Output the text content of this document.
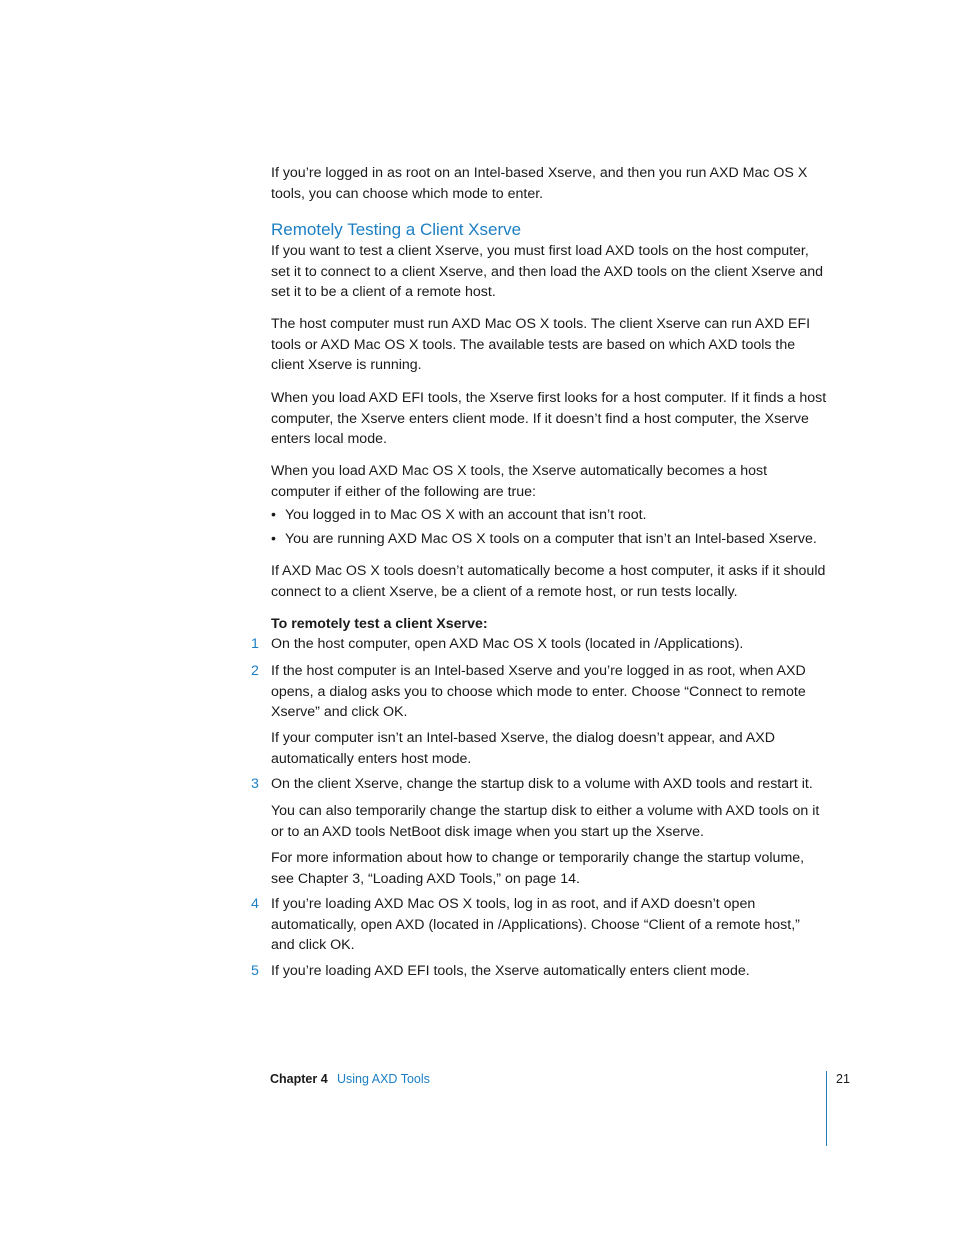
If you’re logged in as root on an Intel-based Xserve, and then you run AXD Mac OS X tools, you can choose which mode to enter.

Remotely Testing a Client Xserve

If you want to test a client Xserve, you must first load AXD tools on the host computer, set it to connect to a client Xserve, and then load the AXD tools on the client Xserve and set it to be a client of a remote host.

The host computer must run AXD Mac OS X tools. The client Xserve can run AXD EFI tools or AXD Mac OS X tools. The available tests are based on which AXD tools the client Xserve is running.

When you load AXD EFI tools, the Xserve first looks for a host computer. If it finds a host computer, the Xserve enters client mode. If it doesn’t find a host computer, the Xserve enters local mode.

When you load AXD Mac OS X tools, the Xserve automatically becomes a host computer if either of the following are true:

• You logged in to Mac OS X with an account that isn’t root.
• You are running AXD Mac OS X tools on a computer that isn’t an Intel-based Xserve.

If AXD Mac OS X tools doesn’t automatically become a host computer, it asks if it should connect to a client Xserve, be a client of a remote host, or run tests locally.

To remotely test a client Xserve:

1 On the host computer, open AXD Mac OS X tools (located in /Applications).

2 If the host computer is an Intel-based Xserve and you’re logged in as root, when AXD opens, a dialog asks you to choose which mode to enter. Choose “Connect to remote Xserve” and click OK.

If your computer isn’t an Intel-based Xserve, the dialog doesn’t appear, and AXD automatically enters host mode.

3 On the client Xserve, change the startup disk to a volume with AXD tools and restart it.

You can also temporarily change the startup disk to either a volume with AXD tools on it or to an AXD tools NetBoot disk image when you start up the Xserve.

For more information about how to change or temporarily change the startup volume, see Chapter 3, “Loading AXD Tools,” on page 14.

4 If you’re loading AXD Mac OS X tools, log in as root, and if AXD doesn’t open automatically, open AXD (located in /Applications). Choose “Client of a remote host,” and click OK.

5 If you’re loading AXD EFI tools, the Xserve automatically enters client mode.

Chapter 4 Using AXD Tools	21
